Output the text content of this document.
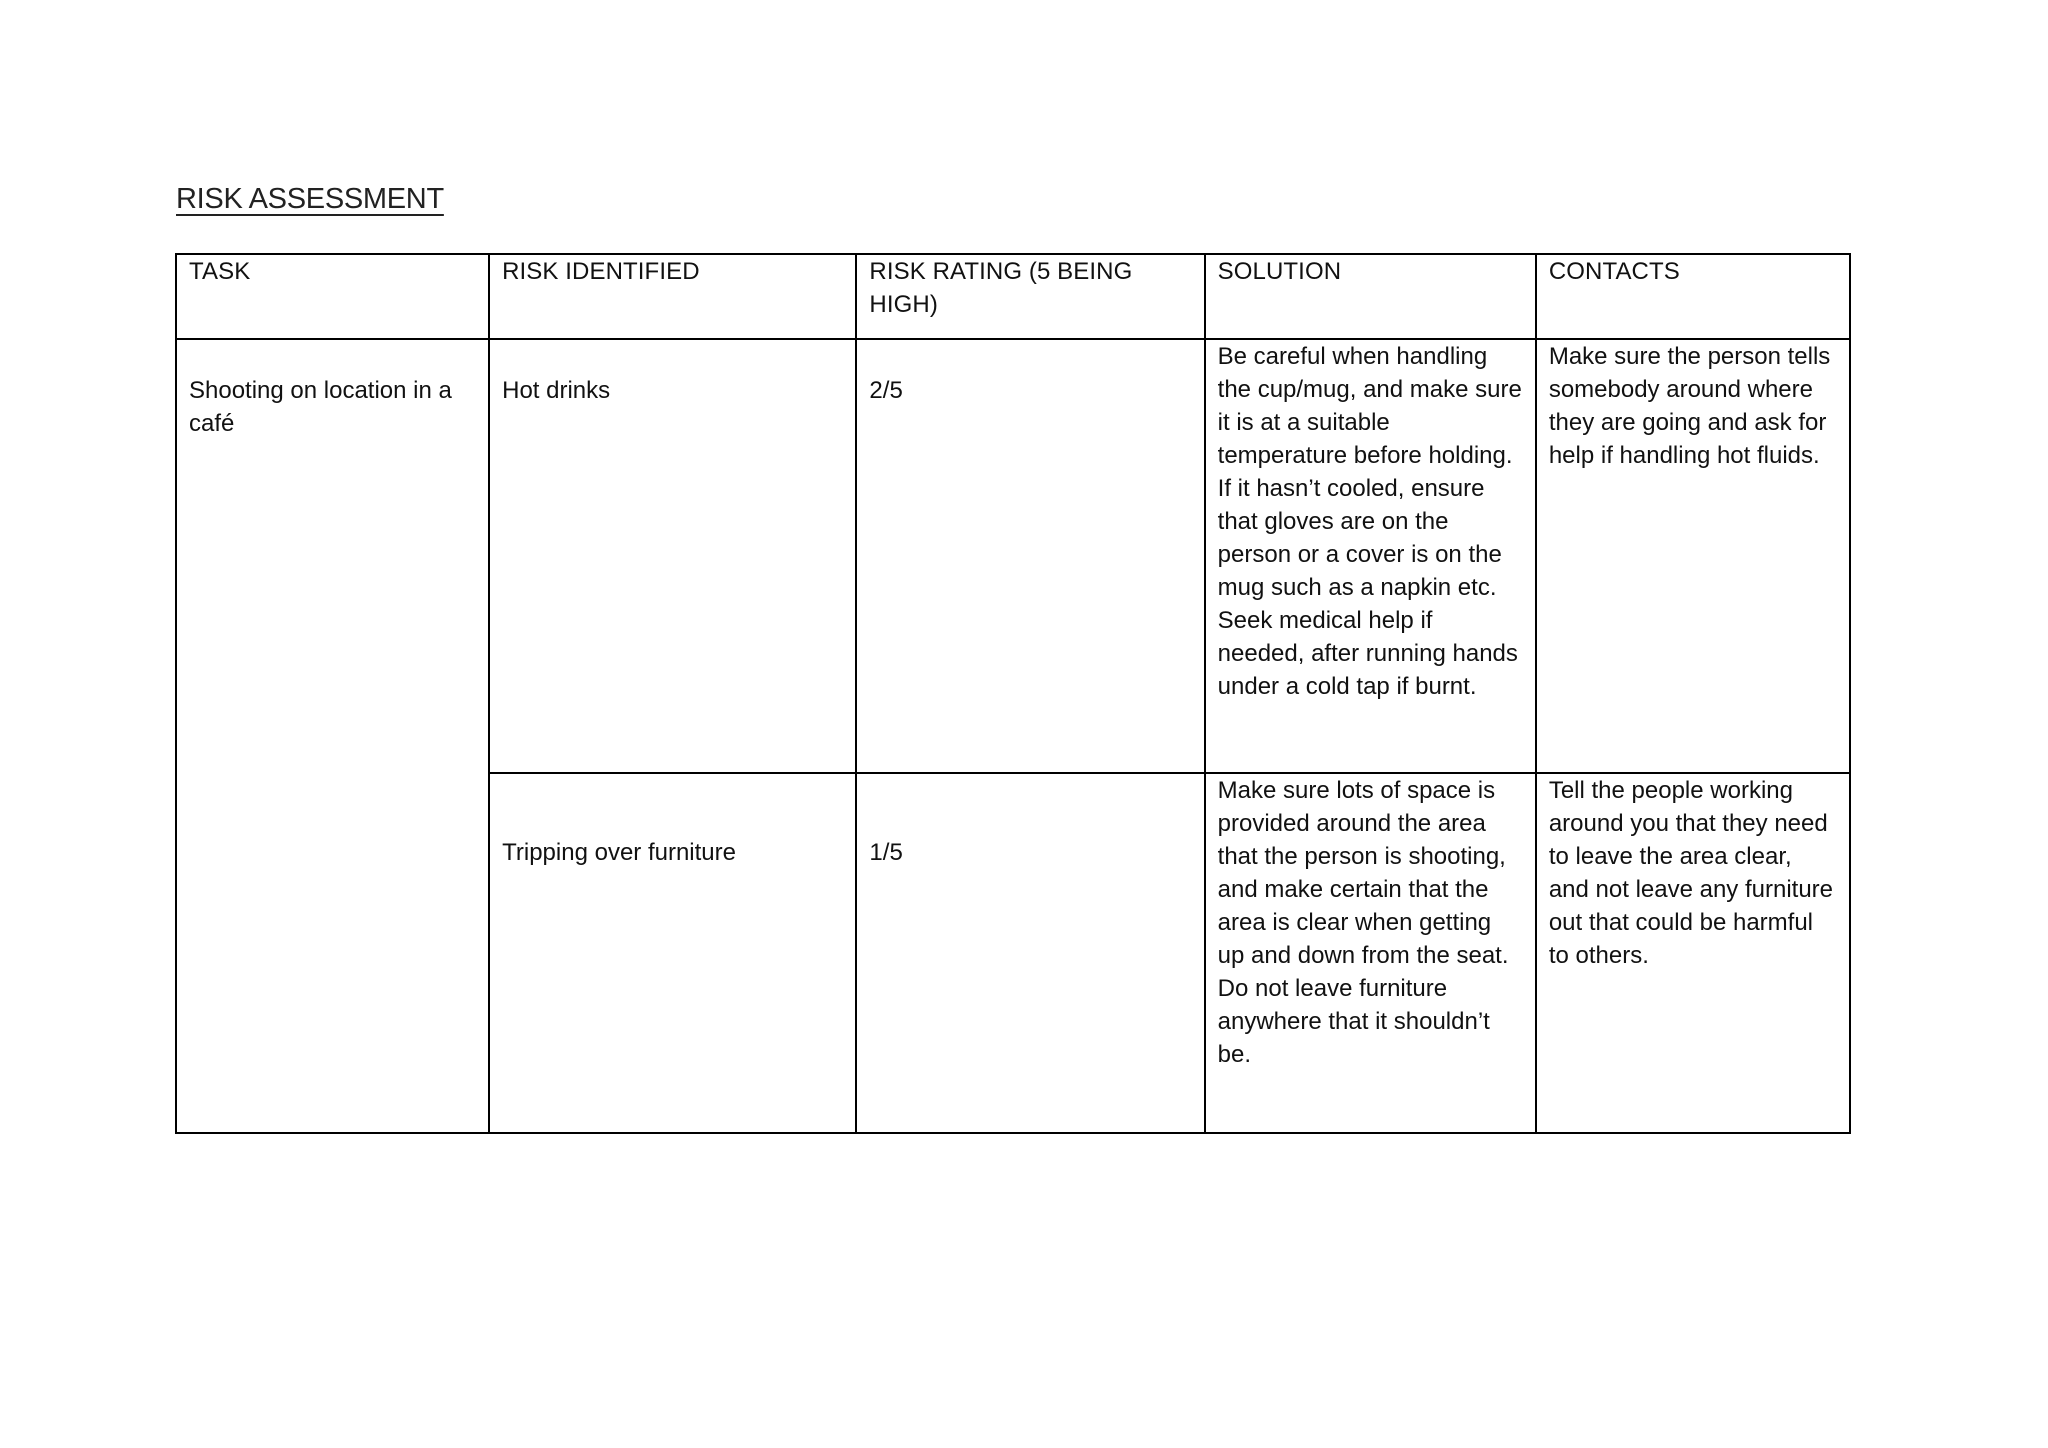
RISK ASSESSMENT
TASK	RISK IDENTIFIED	RISK RATING (5 BEING HIGH)	SOLUTION	CONTACTS

Shooting on location in a café	Hot drinks	2/5	Be careful when handling the cup/mug, and make sure it is at a suitable temperature before holding. If it hasn’t cooled, ensure that gloves are on the person or a cover is on the mug such as a napkin etc. Seek medical help if needed, after running hands under a cold tap if burnt.	Make sure the person tells somebody around where they are going and ask for help if handling hot fluids.

	Tripping over furniture	1/5	Make sure lots of space is provided around the area that the person is shooting, and make certain that the area is clear when getting up and down from the seat. Do not leave furniture anywhere that it shouldn’t be.	Tell the people working around you that they need to leave the area clear, and not leave any furniture out that could be harmful to others.
